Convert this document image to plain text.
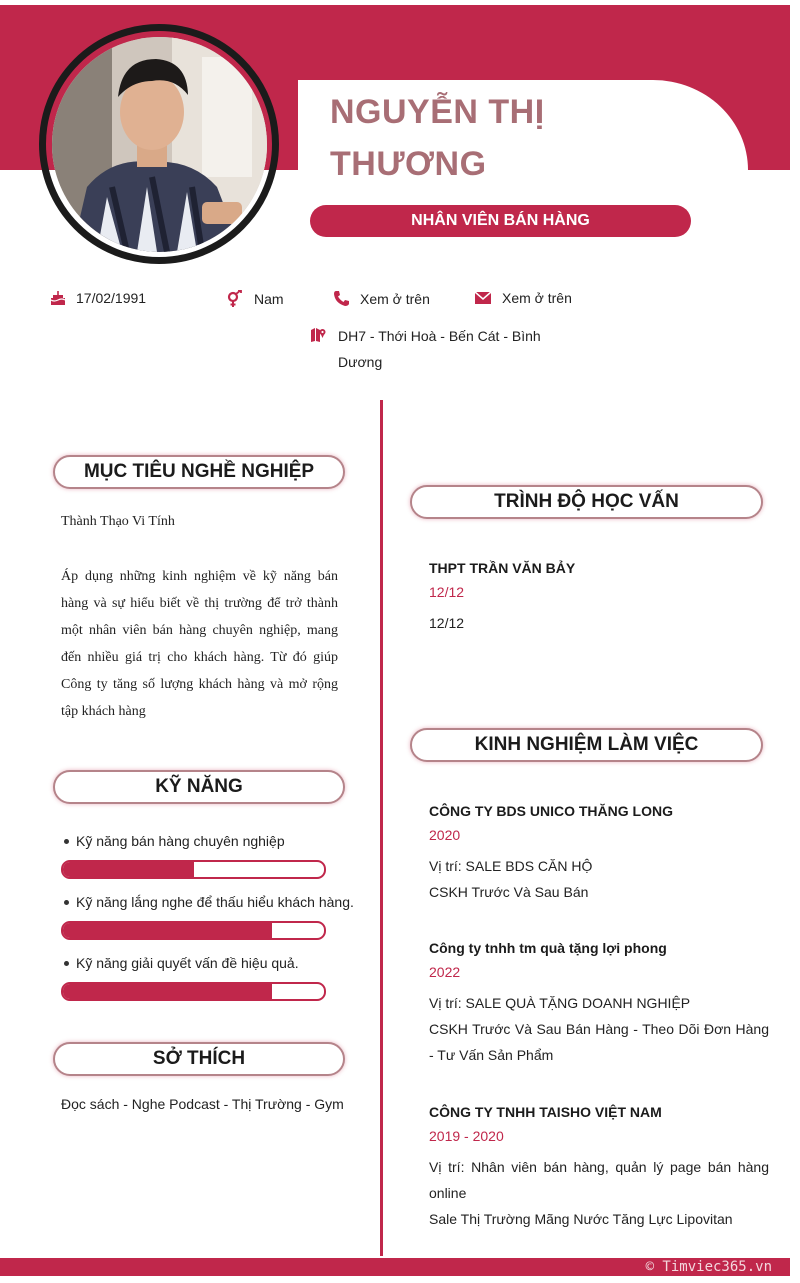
NGUYỄN THỊ
THƯƠNG
NHÂN VIÊN BÁN HÀNG
17/02/1991	Nam	Xem ở trên	Xem ở trên
DH7 - Thới Hoà - Bến Cát - Bình
Dương
MỤC TIÊU NGHỀ NGHIỆP
Thành Thạo Vi Tính
Áp dụng những kinh nghiệm về kỹ năng bán hàng và sự hiểu biết về thị trường để trở thành một nhân viên bán hàng chuyên nghiệp, mang đến nhiều giá trị cho khách hàng. Từ đó giúp Công ty tăng số lượng khách hàng và mở rộng tập khách hàng
KỸ NĂNG
Kỹ năng bán hàng chuyên nghiệp
Kỹ năng lắng nghe để thấu hiểu khách hàng.
Kỹ năng giải quyết vấn đề hiệu quả.
SỞ THÍCH
Đọc sách - Nghe Podcast - Thị Trường - Gym
TRÌNH ĐỘ HỌC VẤN
THPT TRẦN VĂN BẢY
12/12
12/12
KINH NGHIỆM LÀM VIỆC
CÔNG TY BDS UNICO THĂNG LONG
2020
Vị trí: SALE BDS CĂN HỘ
CSKH Trước Và Sau Bán
Công ty tnhh tm quà tặng lợi phong
2022
Vị trí: SALE QUÀ TẶNG DOANH NGHIỆP
CSKH Trước Và Sau Bán Hàng - Theo Dõi Đơn Hàng - Tư Vấn Sản Phẩm
CÔNG TY TNHH TAISHO VIỆT NAM
2019 - 2020
Vị trí: Nhân viên bán hàng, quản lý page bán hàng online
Sale Thị Trường Mãng Nước Tăng Lực Lipovitan
© Timviec365.vn
